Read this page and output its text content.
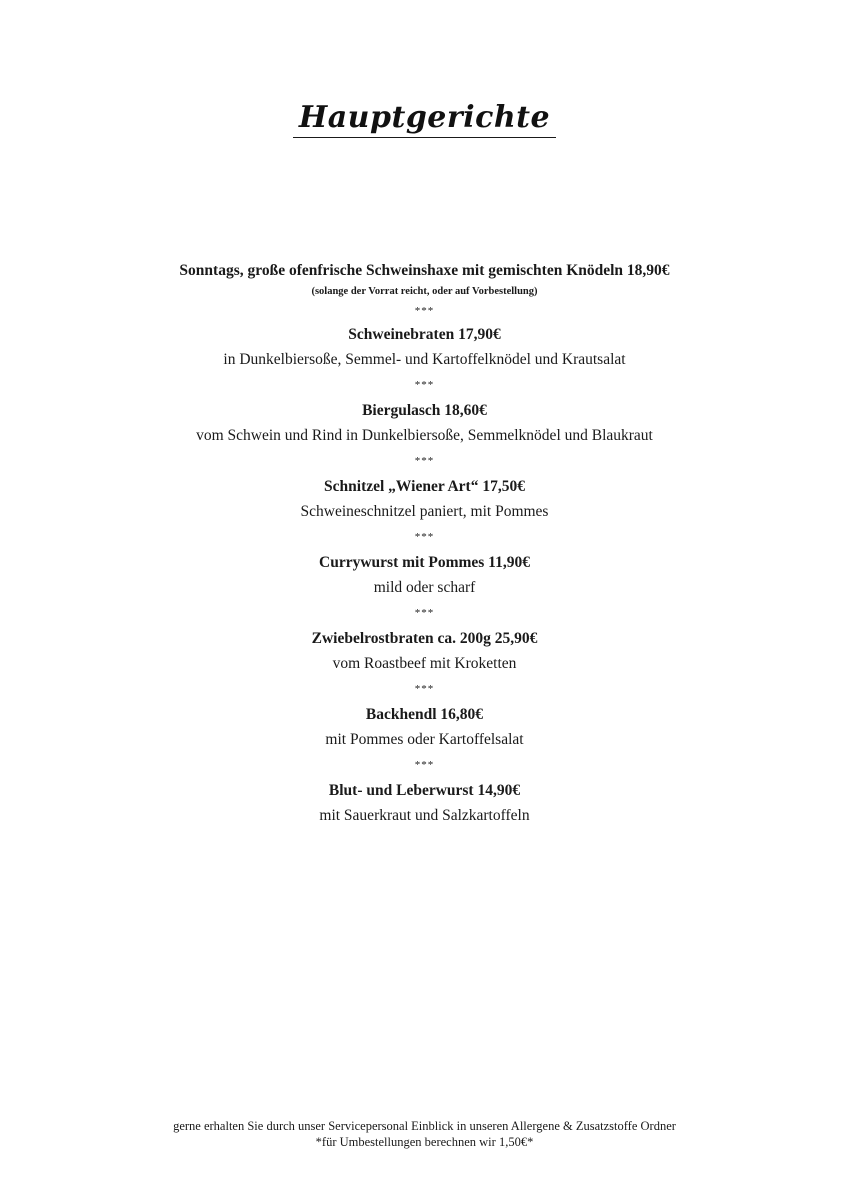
Hauptgerichte
Sonntags, große ofenfrische Schweinshaxe mit gemischten Knödeln 18,90€
(solange der Vorrat reicht, oder auf Vorbestellung)
***
Schweinebraten 17,90€
in Dunkelbiersoße, Semmel- und Kartoffelknödel und Krautsalat
***
Biergulasch 18,60€
vom Schwein und Rind in Dunkelbiersoße, Semmelknödel und Blaukraut
***
Schnitzel „Wiener Art“ 17,50€
Schweineschnitzel paniert, mit Pommes
***
Currywurst mit Pommes 11,90€
mild oder scharf
***
Zwiebelrostbraten ca. 200g 25,90€
vom Roastbeef mit Kroketten
***
Backhendl 16,80€
mit Pommes oder Kartoffelsalat
***
Blut- und Leberwurst 14,90€
mit Sauerkraut und Salzkartoffeln
gerne erhalten Sie durch unser Servicepersonal Einblick in unseren Allergene & Zusatzstoffe Ordner
*für Umbestellungen berechnen wir 1,50€*
